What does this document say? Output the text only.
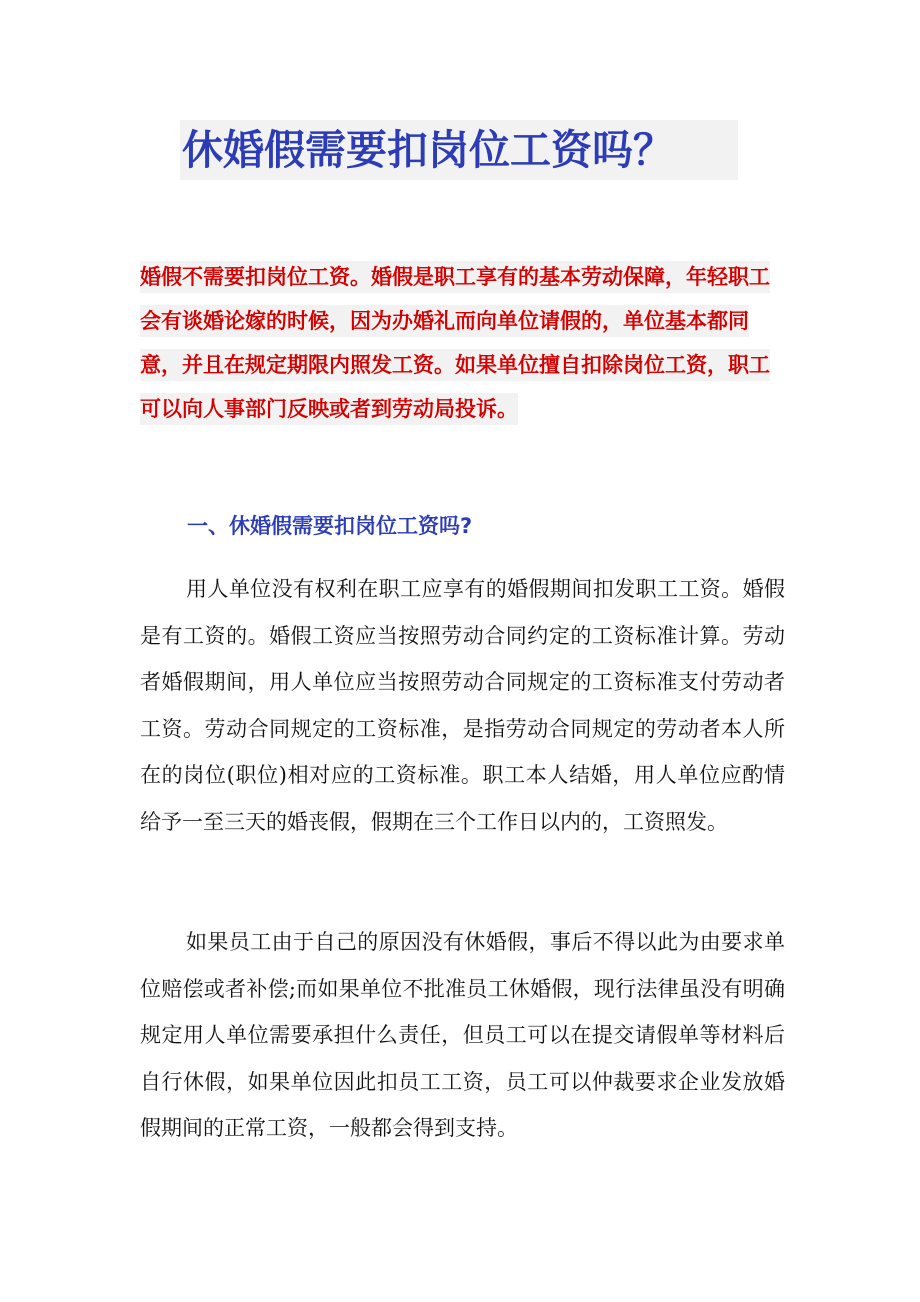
休婚假需要扣岗位工资吗？

婚假不需要扣岗位工资。婚假是职工享有的基本劳动保障，年轻职工会有谈婚论嫁的时候，因为办婚礼而向单位请假的，单位基本都同意，并且在规定期限内照发工资。如果单位擅自扣除岗位工资，职工可以向人事部门反映或者到劳动局投诉。

一、休婚假需要扣岗位工资吗?

用人单位没有权利在职工应享有的婚假期间扣发职工工资。婚假是有工资的。婚假工资应当按照劳动合同约定的工资标准计算。劳动者婚假期间，用人单位应当按照劳动合同规定的工资标准支付劳动者工资。劳动合同规定的工资标准，是指劳动合同规定的劳动者本人所在的岗位(职位)相对应的工资标准。职工本人结婚，用人单位应酌情给予一至三天的婚丧假，假期在三个工作日以内的，工资照发。

如果员工由于自己的原因没有休婚假，事后不得以此为由要求单位赔偿或者补偿;而如果单位不批准员工休婚假，现行法律虽没有明确规定用人单位需要承担什么责任，但员工可以在提交请假单等材料后自行休假，如果单位因此扣员工工资，员工可以仲裁要求企业发放婚假期间的正常工资，一般都会得到支持。
